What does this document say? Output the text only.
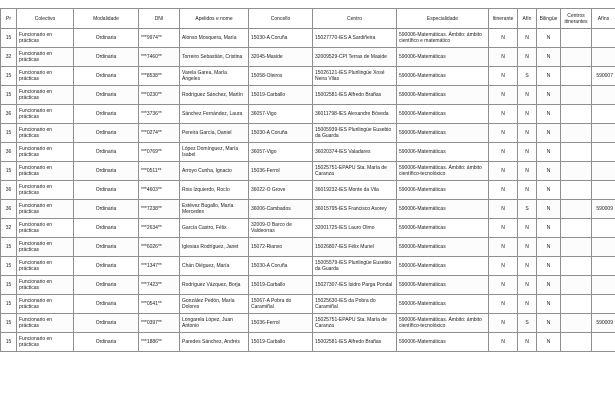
Pr	Colectivo	Modalidade	DNI	Apelidos e nome	Concello	Centro	Especialidade	Itinerante	Afín	Bilingüe	Centros itinerantes	Afíns
15	Funcionario en prácticas	Ordinaria	***9974**	Alonso Mosquera, María	15030-A Coruña	15027770-IES A Sardiñeira	590006-Matemáticas. Ámbito: ámbito científico e matemático	N	N	N		
32	Funcionario en prácticas	Ordinaria	***7460**	Torreiro Sebastián, Cristina	32045-Maside	32009529-CPI Terras de Maside	590006-Matemáticas	N	N	N		
15	Funcionario en prácticas	Ordinaria	***8538**	Varela Garea, María Ángeles	15058-Oleiros	15026121-IES Plurilingüe Xosé Neira Vilas	590006-Matemáticas	N	S	N		590007
15	Funcionario en prácticas	Ordinaria	***0230**	Rodríguez Sánchez, Martín	15019-Carballo	15002581-IES Alfredo Brañas	590006-Matemáticas	N	N	N		
36	Funcionario en prácticas	Ordinaria	***3736**	Sánchez Fernández, Laura	36057-Vigo	36011798-IES Alexandre Bóveda	590006-Matemáticas	N	N	N		
15	Funcionario en prácticas	Ordinaria	***0274**	Pereira García, Daniel	15030-A Coruña	15005939-IES Plurilingüe Eusebio da Guarda	590006-Matemáticas	N	N	N		
36	Funcionario en prácticas	Ordinaria	***0769**	López Domínguez, María Isabel	36057-Vigo	36020374-IES Valadares	590006-Matemáticas	N	N	N		
15	Funcionario en prácticas	Ordinaria	***0511**	Arroyo Cunha, Ignacio	15036-Ferrol	15025751-EPAPU Sta. María de Caranza	590006-Matemáticas. Ámbito: ámbito científico-tecnolóxico	N	N	N		
36	Funcionario en prácticas	Ordinaria	***4603**	Rois Izquierdo, Rocío	36022-O Grove	36019232-IES Monte da Vila	590006-Matemáticas	N	N	N		
36	Funcionario en prácticas	Ordinaria	***7238**	Estévez Bugallo, María Mercedes	36006-Cambados	36015795-IES Francisco Asorey	590006-Matemáticas	N	S	N		590009
32	Funcionario en prácticas	Ordinaria	***2634**	García Castro, Félix	32009-O Barco de Valdeorras	32001725-IES Lauro Olmo	590006-Matemáticas	N	N	N		
15	Funcionario en prácticas	Ordinaria	***6026**	Iglesias Rodríguez, Janet	15072-Rianxo	15026807-IES Félix Muriel	590006-Matemáticas	N	N	N		
15	Funcionario en prácticas	Ordinaria	***1347**	Chán Diéguez, María	15030-A Coruña	15005579-IES Plurilingüe Eusebio da Guarda	590006-Matemáticas	N	N	N		
15	Funcionario en prácticas	Ordinaria	***7423**	Rodríguez Vázquez, Borja	15019-Carballo	15027307-IES Isidro Parga Pondal	590006-Matemáticas	N	N	N		
15	Funcionario en prácticas	Ordinaria	***0541**	González Pedón, María Dolores	15067-A Pobra do Caramiñal	15025630-IES da Pobra do Caramiñal	590006-Matemáticas	N	N	N		
15	Funcionario en prácticas	Ordinaria	***0397**	Longarela López, Juan Antonio	15036-Ferrol	15025751-EPAPU Sta. María de Caranza	590006-Matemáticas. Ámbito: ámbito científico-tecnolóxico	N	S	N		590009
15	Funcionario en prácticas	Ordinaria	***1886**	Paredes Sánchez, Andrés	15019-Carballo	15002581-IES Alfredo Brañas	590006-Matemáticas	N	N	N		
